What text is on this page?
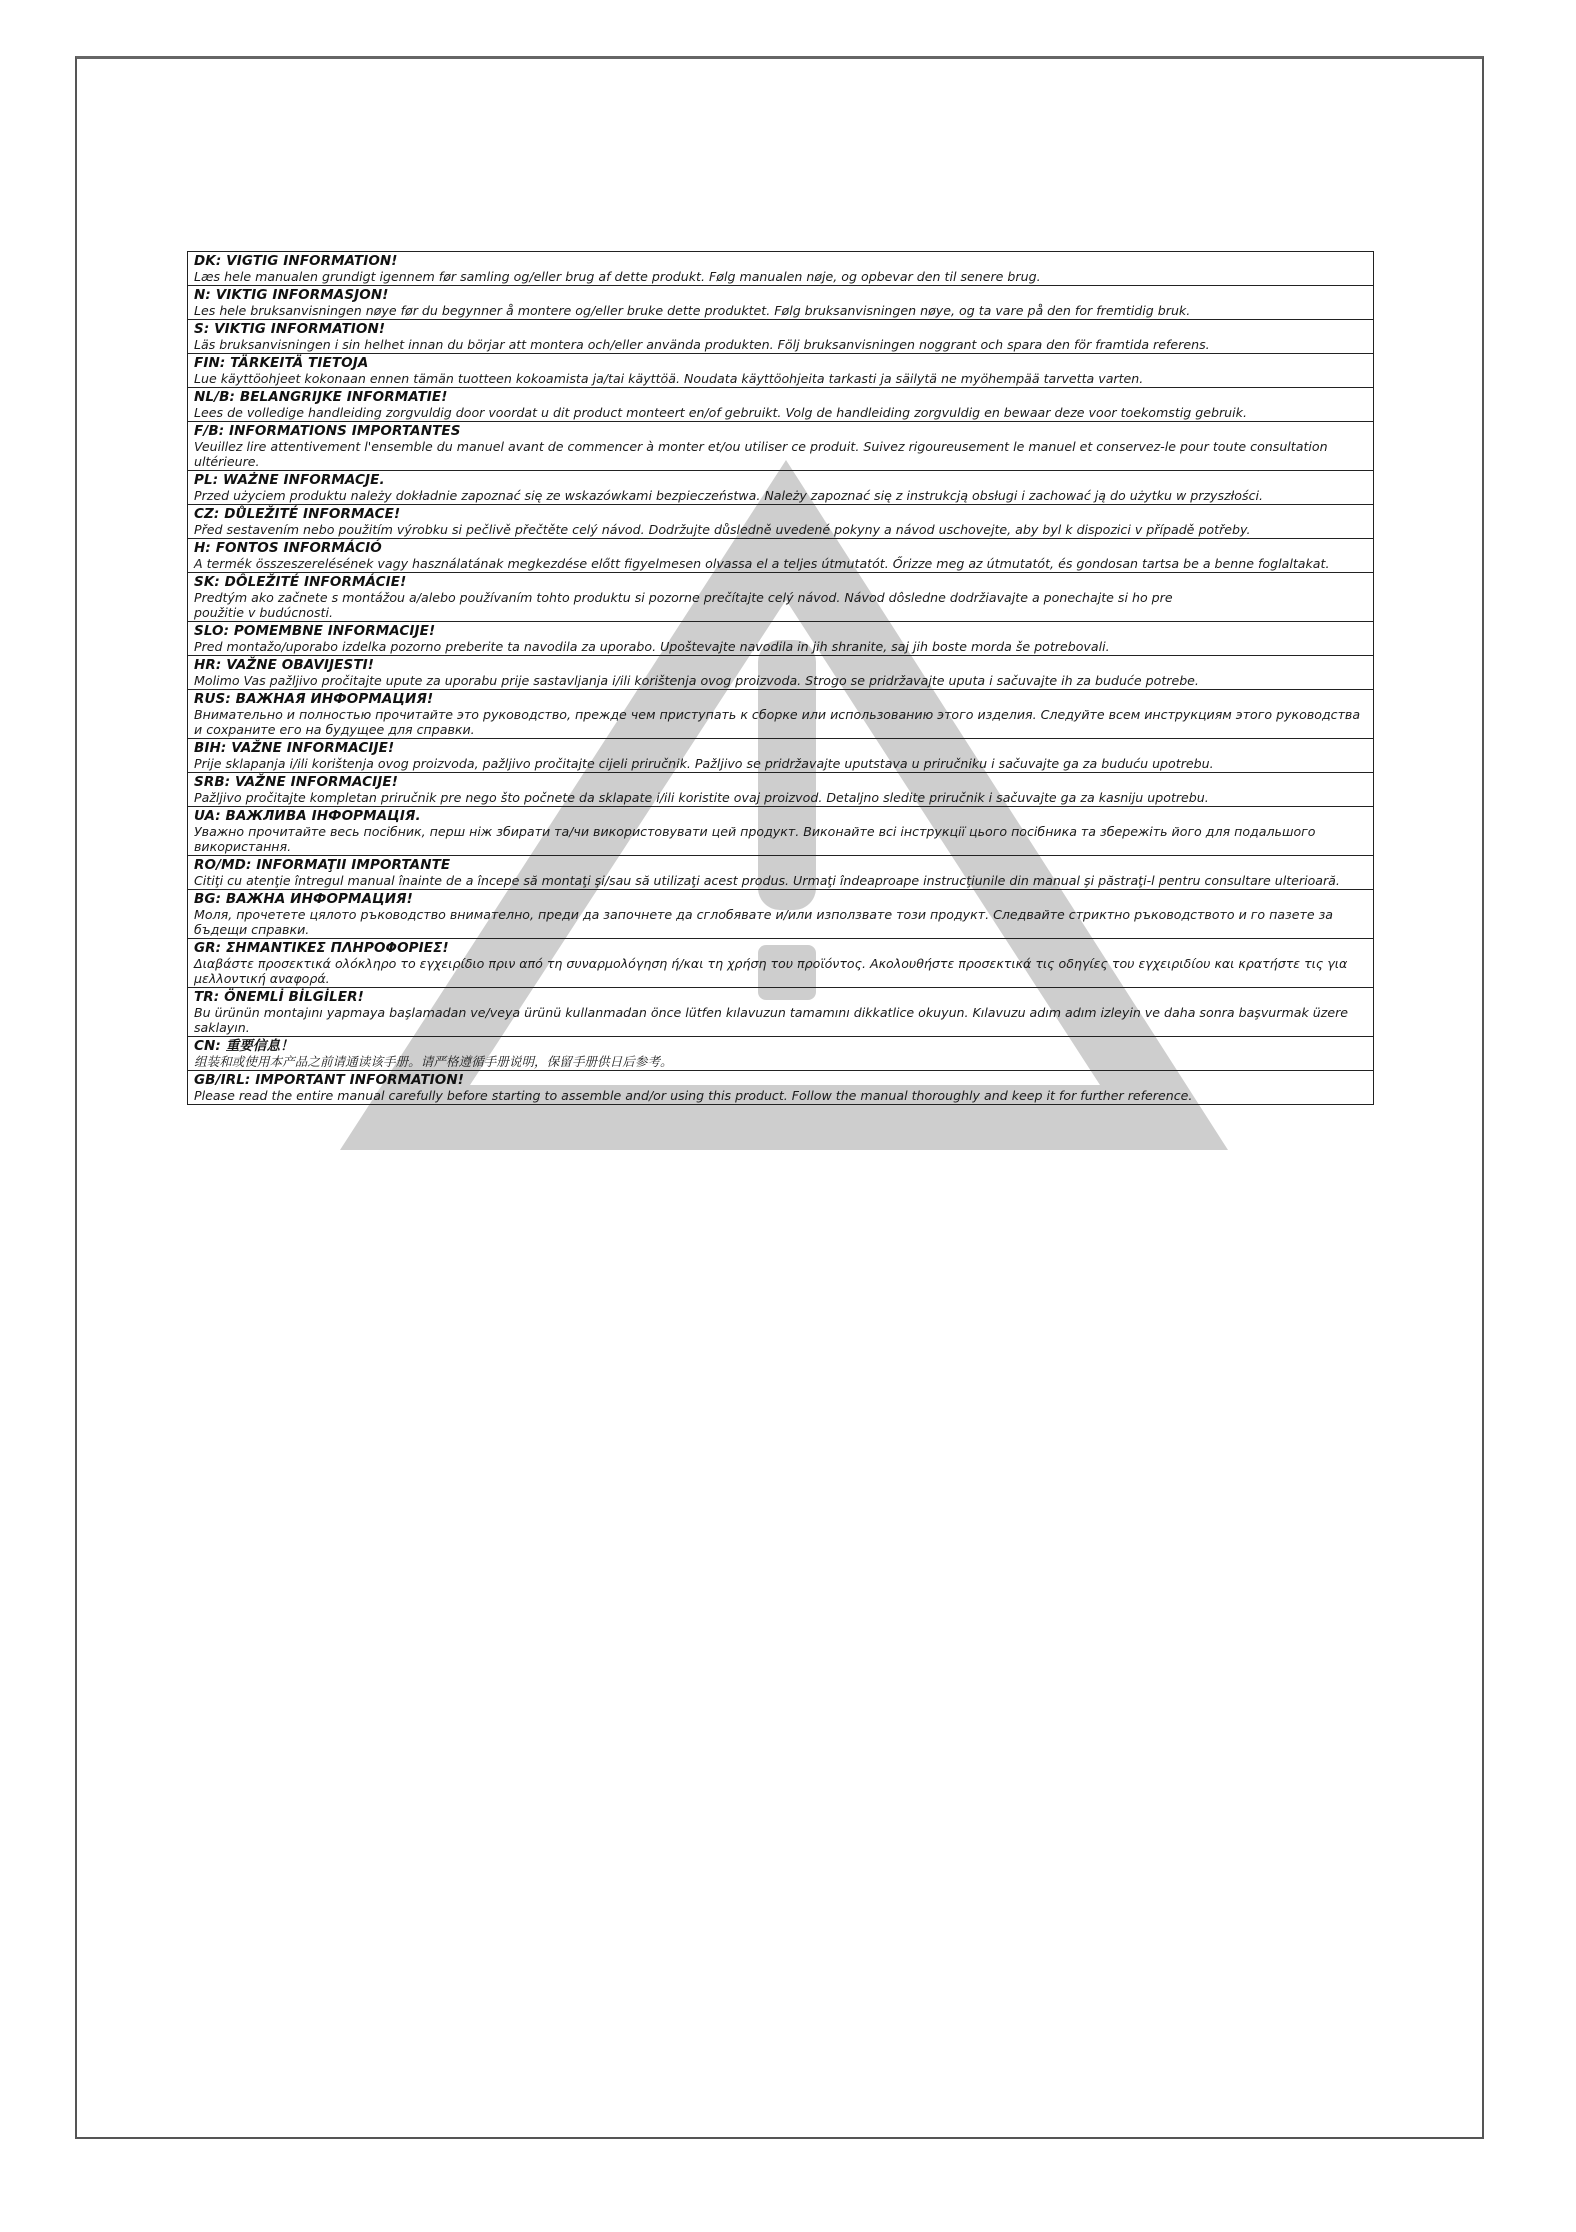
DK: VIGTIG INFORMATION!
Læs hele manualen grundigt igennem før samling og/eller brug af dette produkt. Følg manualen nøje, og opbevar den til senere brug.
N: VIKTIG INFORMASJON!
Les hele bruksanvisningen nøye før du begynner å montere og/eller bruke dette produktet. Følg bruksanvisningen nøye, og ta vare på den for fremtidig bruk.
S: VIKTIG INFORMATION!
Läs bruksanvisningen i sin helhet innan du börjar att montera och/eller använda produkten. Följ bruksanvisningen noggrant och spara den för framtida referens.
FIN: TÄRKEITÄ TIETOJA
Lue käyttöohjeet kokonaan ennen tämän tuotteen kokoamista ja/tai käyttöä. Noudata käyttöohjeita tarkasti ja säilytä ne myöhempää tarvetta varten.
NL/B: BELANGRIJKE INFORMATIE!
Lees de volledige handleiding zorgvuldig door voordat u dit product monteert en/of gebruikt. Volg de handleiding zorgvuldig en bewaar deze voor toekomstig gebruik.
F/B: INFORMATIONS IMPORTANTES
Veuillez lire attentivement l'ensemble du manuel avant de commencer à monter et/ou utiliser ce produit. Suivez rigoureusement le manuel et conservez-le pour toute consultation ultérieure.
PL: WAŻNE INFORMACJE.
Przed użyciem produktu należy dokładnie zapoznać się ze wskazówkami bezpieczeństwa. Należy zapoznać się z instrukcją obsługi i zachować ją do użytku w przyszłości.
CZ: DŮLEŽITÉ INFORMACE!
Před sestavením nebo použitím výrobku si pečlivě přečtěte celý návod. Dodržujte důsledně uvedené pokyny a návod uschovejte, aby byl k dispozici v případě potřeby.
H: FONTOS INFORMÁCIÓ
A termék összeszerelésének vagy használatának megkezdése előtt figyelmesen olvassa el a teljes útmutatót. Őrizze meg az útmutatót, és gondosan tartsa be a benne foglaltakat.
SK: DÔLEŽITÉ INFORMÁCIE!
Predtým ako začnete s montážou a/alebo používaním tohto produktu si pozorne prečítajte celý návod. Návod dôsledne dodržiavajte a ponechajte si ho pre
použitie v budúcnosti.
SLO: POMEMBNE INFORMACIJE!
Pred montažo/uporabo izdelka pozorno preberite ta navodila za uporabo. Upoštevajte navodila in jih shranite, saj jih boste morda še potrebovali.
HR: VAŽNE OBAVIJESTI!
Molimo Vas pažljivo pročitajte upute za uporabu prije sastavljanja i/ili korištenja ovog proizvoda. Strogo se pridržavajte uputa i sačuvajte ih za buduće potrebe.
RUS: ВАЖНАЯ ИНФОРМАЦИЯ!
Внимательно и полностью прочитайте это руководство, прежде чем приступать к сборке или использованию этого изделия. Следуйте всем инструкциям этого руководства и сохраните его на будущее для справки.
BIH: VAŽNE INFORMACIJE!
Prije sklapanja i/ili korištenja ovog proizvoda, pažljivo pročitajte cijeli priručnik. Pažljivo se pridržavajte uputstava u priručniku i sačuvajte ga za buduću upotrebu.
SRB: VAŽNE INFORMACIJE!
Pažljivo pročitajte kompletan priručnik pre nego što počnete da sklapate i/ili koristite ovaj proizvod. Detaljno sledite priručnik i sačuvajte ga za kasniju upotrebu.
UA: ВАЖЛИВА ІНФОРМАЦІЯ.
Уважно прочитайте весь посібник, перш ніж збирати та/чи використовувати цей продукт. Виконайте всі інструкції цього посібника та збережіть його для подальшого використання.
RO/MD: INFORMAŢII IMPORTANTE
Citiţi cu atenţie întregul manual înainte de a începe să montaţi şi/sau să utilizaţi acest produs. Urmaţi îndeaproape instrucţiunile din manual şi păstraţi-l pentru consultare ulterioară.
BG: ВАЖНА ИНФОРМАЦИЯ!
Моля, прочетете цялото ръководство внимателно, преди да започнете да сглобявате и/или използвате този продукт. Следвайте стриктно ръководството и го пазете за бъдещи справки.
GR: ΣΗΜΑΝΤΙΚΕΣ ΠΛΗΡΟΦΟΡΙΕΣ!
Διαβάστε προσεκτικά ολόκληρο το εγχειρίδιο πριν από τη συναρμολόγηση ή/και τη χρήση του προϊόντος. Ακολουθήστε προσεκτικά τις οδηγίες του εγχειριδίου και κρατήστε τις για μελλοντική αναφορά.
TR: ÖNEMLİ BİLGİLER!
Bu ürünün montajını yapmaya başlamadan ve/veya ürünü kullanmadan önce lütfen kılavuzun tamamını dikkatlice okuyun. Kılavuzu adım adım izleyin ve daha sonra başvurmak üzere saklayın.
CN: 重要信息！
组装和或使用本产品之前请通读该手册。请严格遵循手册说明，保留手册供日后参考。
GB/IRL: IMPORTANT INFORMATION!
Please read the entire manual carefully before starting to assemble and/or using this product. Follow the manual thoroughly and keep it for further reference.
